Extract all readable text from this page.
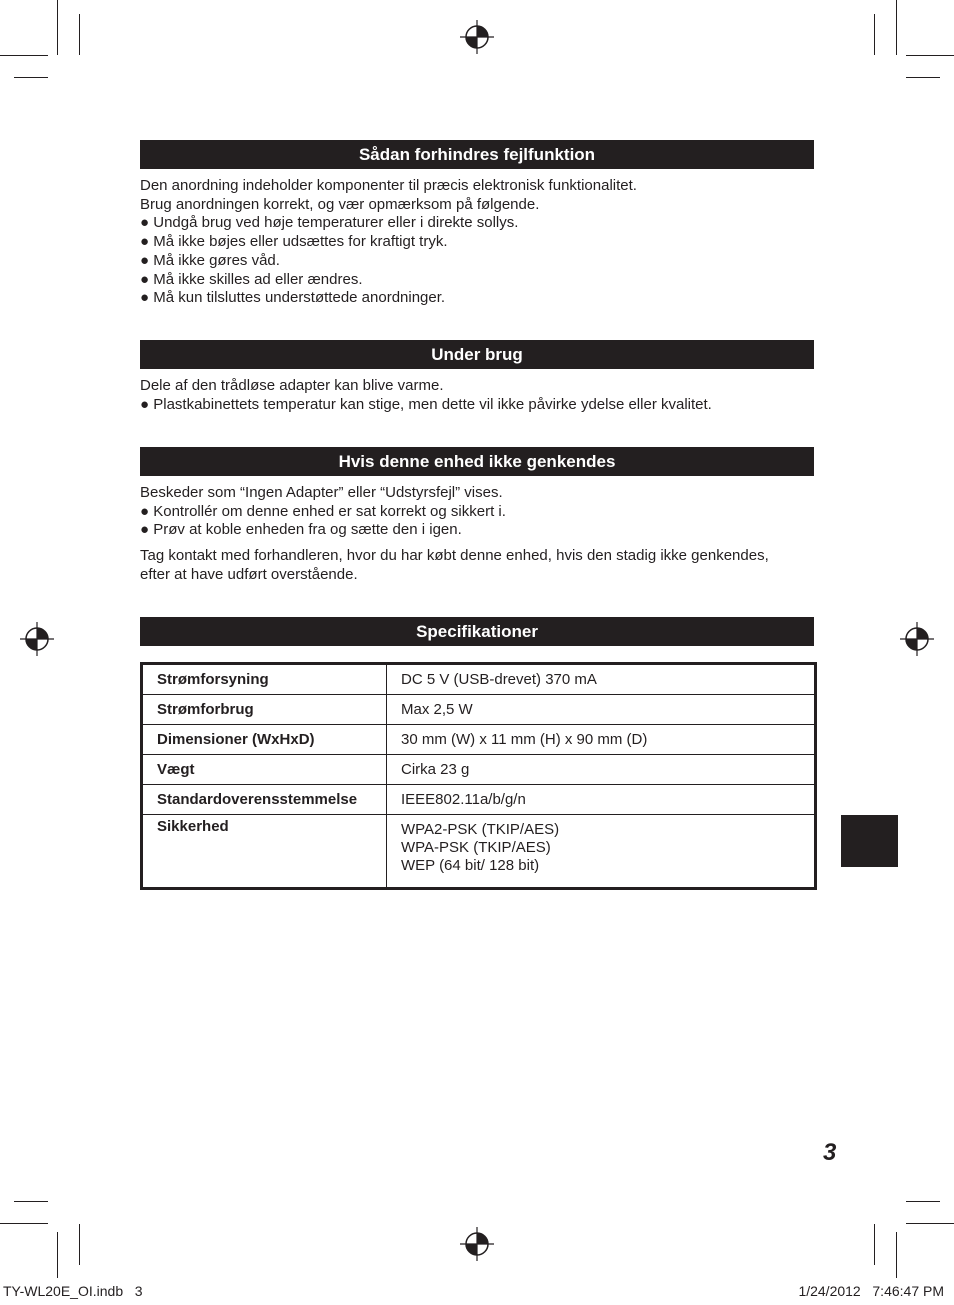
Sådan forhindres fejlfunktion
Den anordning indeholder komponenter til præcis elektronisk funktionalitet.
Brug anordningen korrekt, og vær opmærksom på følgende.
● Undgå brug ved høje temperaturer eller i direkte sollys.
● Må ikke bøjes eller udsættes for kraftigt tryk.
● Må ikke gøres våd.
● Må ikke skilles ad eller ændres.
● Må kun tilsluttes understøttede anordninger.
Under brug
Dele af den trådløse adapter kan blive varme.
● Plastkabinettets temperatur kan stige, men dette vil ikke påvirke ydelse eller kvalitet.
Hvis denne enhed ikke genkendes
Beskeder som “Ingen Adapter” eller “Udstyrsfejl” vises.
● Kontrollér om denne enhed er sat korrekt og sikkert i.
● Prøv at koble enheden fra og sætte den i igen.
Tag kontakt med forhandleren, hvor du har købt denne enhed, hvis den stadig ikke genkendes,
efter at have udført overstående.
Specifikationer
Strømforsyning	DC 5 V (USB-drevet) 370 mA

Strømforbrug	Max 2,5 W

Dimensioner (WxHxD)	30 mm (W) x 11 mm (H) x 90 mm (D)

Vægt	Cirka 23 g

Standardoverensstemmelse	IEEE802.11a/b/g/n

Sikkerhed	WPA2-PSK (TKIP/AES)
WPA-PSK (TKIP/AES)
WEP (64 bit/ 128 bit)
3
TY-WL20E_OI.indb   3	1/24/2012   7:46:47 PM
